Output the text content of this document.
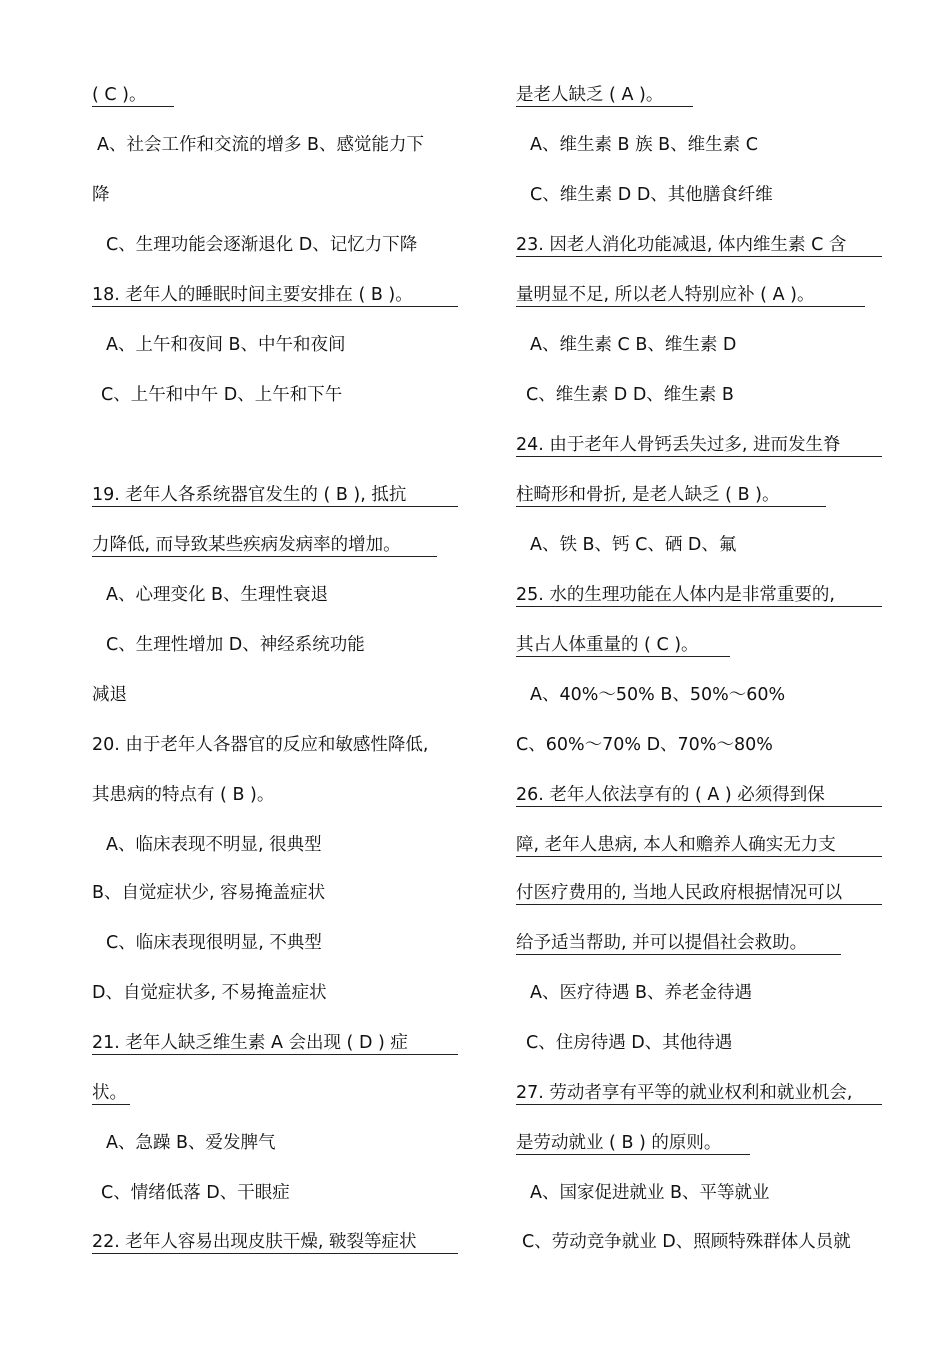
( C )。
A、社会工作和交流的增多 B、感觉能力下
降
C、生理功能会逐渐退化 D、记忆力下降
18. 老年人的睡眠时间主要安排在 ( B )。
A、上午和夜间 B、中午和夜间
C、上午和中午 D、上午和下午
19. 老年人各系统器官发生的 ( B ), 抵抗
力降低, 而导致某些疾病发病率的增加。
A、心理变化 B、生理性衰退
C、生理性增加 D、神经系统功能
减退
20. 由于老年人各器官的反应和敏感性降低,
其患病的特点有 ( B )。
A、临床表现不明显, 很典型
B、自觉症状少, 容易掩盖症状
C、临床表现很明显, 不典型
D、自觉症状多, 不易掩盖症状
21. 老年人缺乏维生素 A 会出现 ( D ) 症
状。
A、急躁 B、爱发脾气
C、情绪低落 D、干眼症
22. 老年人容易出现皮肤干燥, 皲裂等症状
是老人缺乏 ( A )。
A、维生素 B 族 B、维生素 C
C、维生素 D D、其他膳食纤维
23. 因老人消化功能减退, 体内维生素 C 含
量明显不足, 所以老人特别应补 ( A )。
A、维生素 C B、维生素 D
C、维生素 D D、维生素 B
24. 由于老年人骨钙丢失过多, 进而发生脊
柱畸形和骨折, 是老人缺乏 ( B )。
A、铁 B、钙 C、硒 D、氟
25. 水的生理功能在人体内是非常重要的,
其占人体重量的 ( C )。
A、40%～50% B、50%～60%
C、60%～70% D、70%～80%
26. 老年人依法享有的 ( A ) 必须得到保
障, 老年人患病, 本人和赡养人确实无力支
付医疗费用的, 当地人民政府根据情况可以
给予适当帮助, 并可以提倡社会救助。
A、医疗待遇 B、养老金待遇
C、住房待遇 D、其他待遇
27. 劳动者享有平等的就业权利和就业机会,
是劳动就业 ( B ) 的原则。
A、国家促进就业 B、平等就业
C、劳动竞争就业 D、照顾特殊群体人员就
